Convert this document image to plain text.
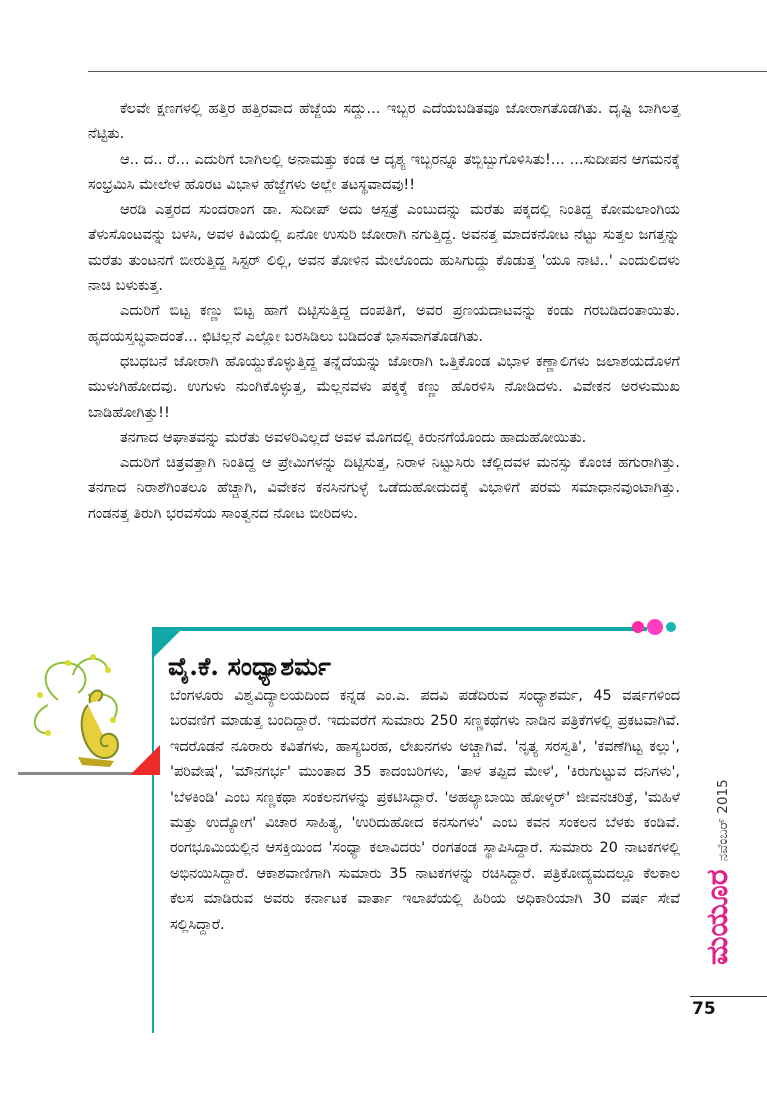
ಕೆಲವೇ ಕ್ಷಣಗಳಲ್ಲಿ ಹತ್ತಿರ ಹತ್ತಿರವಾದ ಹೆಜ್ಜೆಯ ಸದ್ದು... ಇಬ್ಬರ ಎದೆಯಬಡಿತವೂ ಜೋರಾಗತೊಡಗಿತು. ದೃಷ್ಟಿ ಬಾಗಿಲತ್ತ ನೆಟ್ಟಿತು.

ಆ.. ದ.. ರೆ... ಎದುರಿಗೆ ಬಾಗಿಲಲ್ಲಿ ಅನಾಮತ್ತು ಕಂಡ ಆ ದೃಶ್ಯ ಇಬ್ಬರನ್ನೂ ತಬ್ಬಿಬ್ಬುಗೊಳಿಸಿತು!... ...ಸುದೀಪನ ಆಗಮನಕ್ಕೆ ಸಂಭ್ರಮಿಸಿ ಮೇಲೇಳ ಹೊರಟ ವಿಭಾಳ ಹೆಜ್ಜೆಗಳು ಅಲ್ಲೇ ತಟಸ್ಥವಾದವು!!

ಆರಡಿ ಎತ್ತರದ ಸುಂದರಾಂಗ ಡಾ. ಸುದೀಪ್ ಅದು ಆಸ್ಪತ್ರೆ ಎಂಬುದನ್ನು ಮರೆತು ಪಕ್ಕದಲ್ಲಿ ನಿಂತಿದ್ದ ಕೋಮಲಾಂಗಿಯ ತೆಳುಸೊಂಟವನ್ನು ಬಳಸಿ, ಅವಳ ಕಿವಿಯಲ್ಲಿ ಏನೋ ಉಸುರಿ ಜೋರಾಗಿ ನಗುತ್ತಿದ್ದ. ಅವನತ್ತ ಮಾದಕನೋಟ ನೆಟ್ಟು ಸುತ್ತಲ ಜಗತ್ತನ್ನು ಮರೆತು ತುಂಟನಗೆ ಬೀರುತ್ತಿದ್ದ ಸಿಸ್ಟರ್ ಲಿಲ್ಲಿ, ಅವನ ತೋಳಿನ ಮೇಲೊಂದು ಹುಸಿಗುದ್ದು ಕೊಡುತ್ತ 'ಯೂ ನಾಟಿ..' ಎಂದುಲಿದಳು ನಾಚಿ ಬಳುಕುತ್ತ.

ಎದುರಿಗೆ ಬಿಟ್ಟ ಕಣ್ಣು ಬಿಟ್ಟ ಹಾಗೆ ದಿಟ್ಟಿಸುತ್ತಿದ್ದ ದಂಪತಿಗೆ, ಅವರ ಪ್ರಣಯದಾಟವನ್ನು ಕಂಡು ಗರಬಡಿದಂತಾಯಿತು. ಹೃದಯಸ್ತಬ್ಧವಾದಂತೆ... ಛಿಟಿಲ್ಲನೆ ಎಲ್ಲೋ ಬರಸಿಡಿಲು ಬಡಿದಂತೆ ಭಾಸವಾಗತೊಡಗಿತು.

ಧಬಧಬನೆ ಜೋರಾಗಿ ಹೊಯ್ದುಕೊಳ್ಳುತ್ತಿದ್ದ ತನ್ನೆದೆಯನ್ನು ಜೋರಾಗಿ ಒತ್ತಿಕೊಂಡ ವಿಭಾಳ ಕಣ್ಣಾಲಿಗಳು ಜಲಾಶಯದೊಳಗೆ ಮುಳುಗಿಹೋದವು. ಉಗುಳು ನುಂಗಿಕೊಳ್ಳುತ್ತ, ಮೆಲ್ಲನವಳು ಪಕ್ಕಕ್ಕೆ ಕಣ್ಣು ಹೊರಳಿಸಿ ನೋಡಿದಳು. ವಿವೇಕನ ಅರಳುಮುಖ ಬಾಡಿಹೋಗಿತ್ತು!!

ತನಗಾದ ಆಘಾತವನ್ನು ಮರೆತು ಅವಳರಿವಿಲ್ಲದೆ ಅವಳ ಮೊಗದಲ್ಲಿ ಕಿರುನಗೆಯೊಂದು ಹಾದುಹೋಯಿತು.

ಎದುರಿಗೆ ಚಿತ್ರವತ್ತಾಗಿ ನಿಂತಿದ್ದ ಆ ಪ್ರೇಮಿಗಳನ್ನು ದಿಟ್ಟಿಸುತ್ತ, ನಿರಾಳ ನಿಟ್ಟುಸಿರು ಚೆಲ್ಲಿದವಳ ಮನಸ್ಸು ಕೊಂಚ ಹಗುರಾಗಿತ್ತು. ತನಗಾದ ನಿರಾಶೆಗಿಂತಲೂ ಹೆಚ್ಚಾಗಿ, ವಿವೇಕನ ಕನಸಿನಗುಳ್ಳೆ ಒಡೆದುಹೋದುದಕ್ಕೆ ವಿಭಾಳಿಗೆ ಪರಮ ಸಮಾಧಾನವುಂಟಾಗಿತ್ತು. ಗಂಡನತ್ತ ತಿರುಗಿ ಭರವಸೆಯ ಸಾಂತ್ವನದ ನೋಟ ಬೀರಿದಳು.

ವೈ.ಕೆ. ಸಂಧ್ಯಾಶರ್ಮ
ಬೆಂಗಳೂರು ವಿಶ್ವವಿದ್ಯಾಲಯದಿಂದ ಕನ್ನಡ ಎಂ.ಎ. ಪದವಿ ಪಡೆದಿರುವ ಸಂಧ್ಯಾಶರ್ಮ, 45 ವರ್ಷಗಳಿಂದ ಬರವಣಿಗೆ ಮಾಡುತ್ತ ಬಂದಿದ್ದಾರೆ. ಇದುವರೆಗೆ ಸುಮಾರು 250 ಸಣ್ಣಕಥೆಗಳು ನಾಡಿನ ಪತ್ರಿಕೆಗಳಲ್ಲಿ ಪ್ರಕಟವಾಗಿವೆ. ಇದರೊಡನೆ ನೂರಾರು ಕವಿತೆಗಳು, ಹಾಸ್ಯಬರಹ, ಲೇಖನಗಳು ಅಚ್ಚಾಗಿವೆ. 'ನೃತ್ಯ ಸರಸ್ವತಿ', 'ಕವಣೆಗಿಟ್ಟ ಕಲ್ಲು', 'ಪರಿವೇಷ', 'ಮೌನಗರ್ಭ' ಮುಂತಾದ 35 ಕಾದಂಬರಿಗಳು, 'ತಾಳ ತಪ್ಪಿದ ಮೇಳ', 'ಕಿರುಗುಟ್ಟುವ ದನಿಗಳು', 'ಬೆಳಕಿಂಡಿ' ಎಂಬ ಸಣ್ಣಕಥಾ ಸಂಕಲನಗಳನ್ನು ಪ್ರಕಟಿಸಿದ್ದಾರೆ. 'ಅಹಲ್ಯಾಬಾಯಿ ಹೋಳ್ಕರ್' ಜೀವನಚರಿತ್ರೆ, 'ಮಹಿಳೆ ಮತ್ತು ಉದ್ಯೋಗ' ವಿಚಾರ ಸಾಹಿತ್ಯ, 'ಉರಿದುಹೋದ ಕನಸುಗಳು' ಎಂಬ ಕವನ ಸಂಕಲನ ಬೆಳಕು ಕಂಡಿವೆ. ರಂಗಭೂಮಿಯಲ್ಲಿನ ಆಸಕ್ತಿಯಿಂದ 'ಸಂಧ್ಯಾ ಕಲಾವಿದರು' ರಂಗತಂಡ ಸ್ಥಾಪಿಸಿದ್ದಾರೆ. ಸುಮಾರು 20 ನಾಟಕಗಳಲ್ಲಿ ಅಭಿನಯಿಸಿದ್ದಾರೆ. ಆಕಾಶವಾಣಿಗಾಗಿ ಸುಮಾರು 35 ನಾಟಕಗಳನ್ನು ರಚಿಸಿದ್ದಾರೆ. ಪತ್ರಿಕೋದ್ಯಮದಲ್ಲೂ ಕೆಲಕಾಲ ಕೆಲಸ ಮಾಡಿರುವ ಅವರು ಕರ್ನಾಟಕ ವಾರ್ತಾ ಇಲಾಖೆಯಲ್ಲಿ ಹಿರಿಯ ಅಧಿಕಾರಿಯಾಗಿ 30 ವರ್ಷ ಸೇವೆ ಸಲ್ಲಿಸಿದ್ದಾರೆ.	ಮಯೂರ
ನವೆಂಬರ್ 2015
75
